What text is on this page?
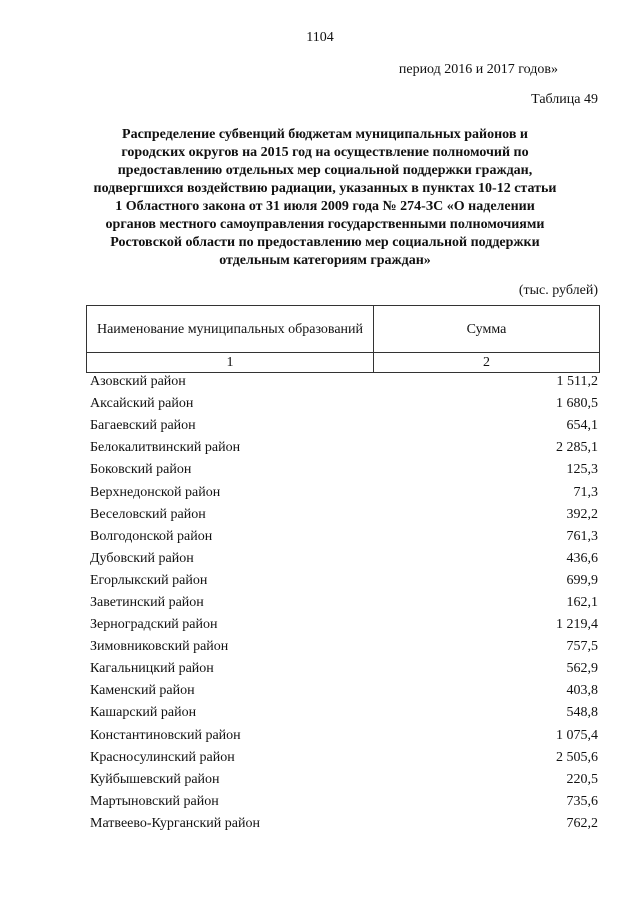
1104
период 2016 и 2017 годов»
Таблица 49
Распределение субвенций бюджетам муниципальных районов и городских округов на 2015 год на осуществление полномочий по предоставлению отдельных мер социальной поддержки граждан, подвергшихся воздействию радиации, указанных в пунктах 10-12 статьи 1 Областного закона от 31 июля 2009 года № 274-ЗС «О наделении органов местного самоуправления государственными полномочиями Ростовской области по предоставлению мер социальной поддержки отдельным категориям граждан»
(тыс. рублей)
Наименование муниципальных образований	Сумма
1	2
Азовский район	1 511,2
Аксайский район	1 680,5
Багаевский район	654,1
Белокалитвинский район	2 285,1
Боковский район	125,3
Верхнедонской район	71,3
Веселовский район	392,2
Волгодонской район	761,3
Дубовский район	436,6
Егорлыкский район	699,9
Заветинский район	162,1
Зерноградский район	1 219,4
Зимовниковский район	757,5
Кагальницкий район	562,9
Каменский район	403,8
Кашарский район	548,8
Константиновский район	1 075,4
Красносулинский район	2 505,6
Куйбышевский район	220,5
Мартыновский район	735,6
Матвеево-Курганский район	762,2
